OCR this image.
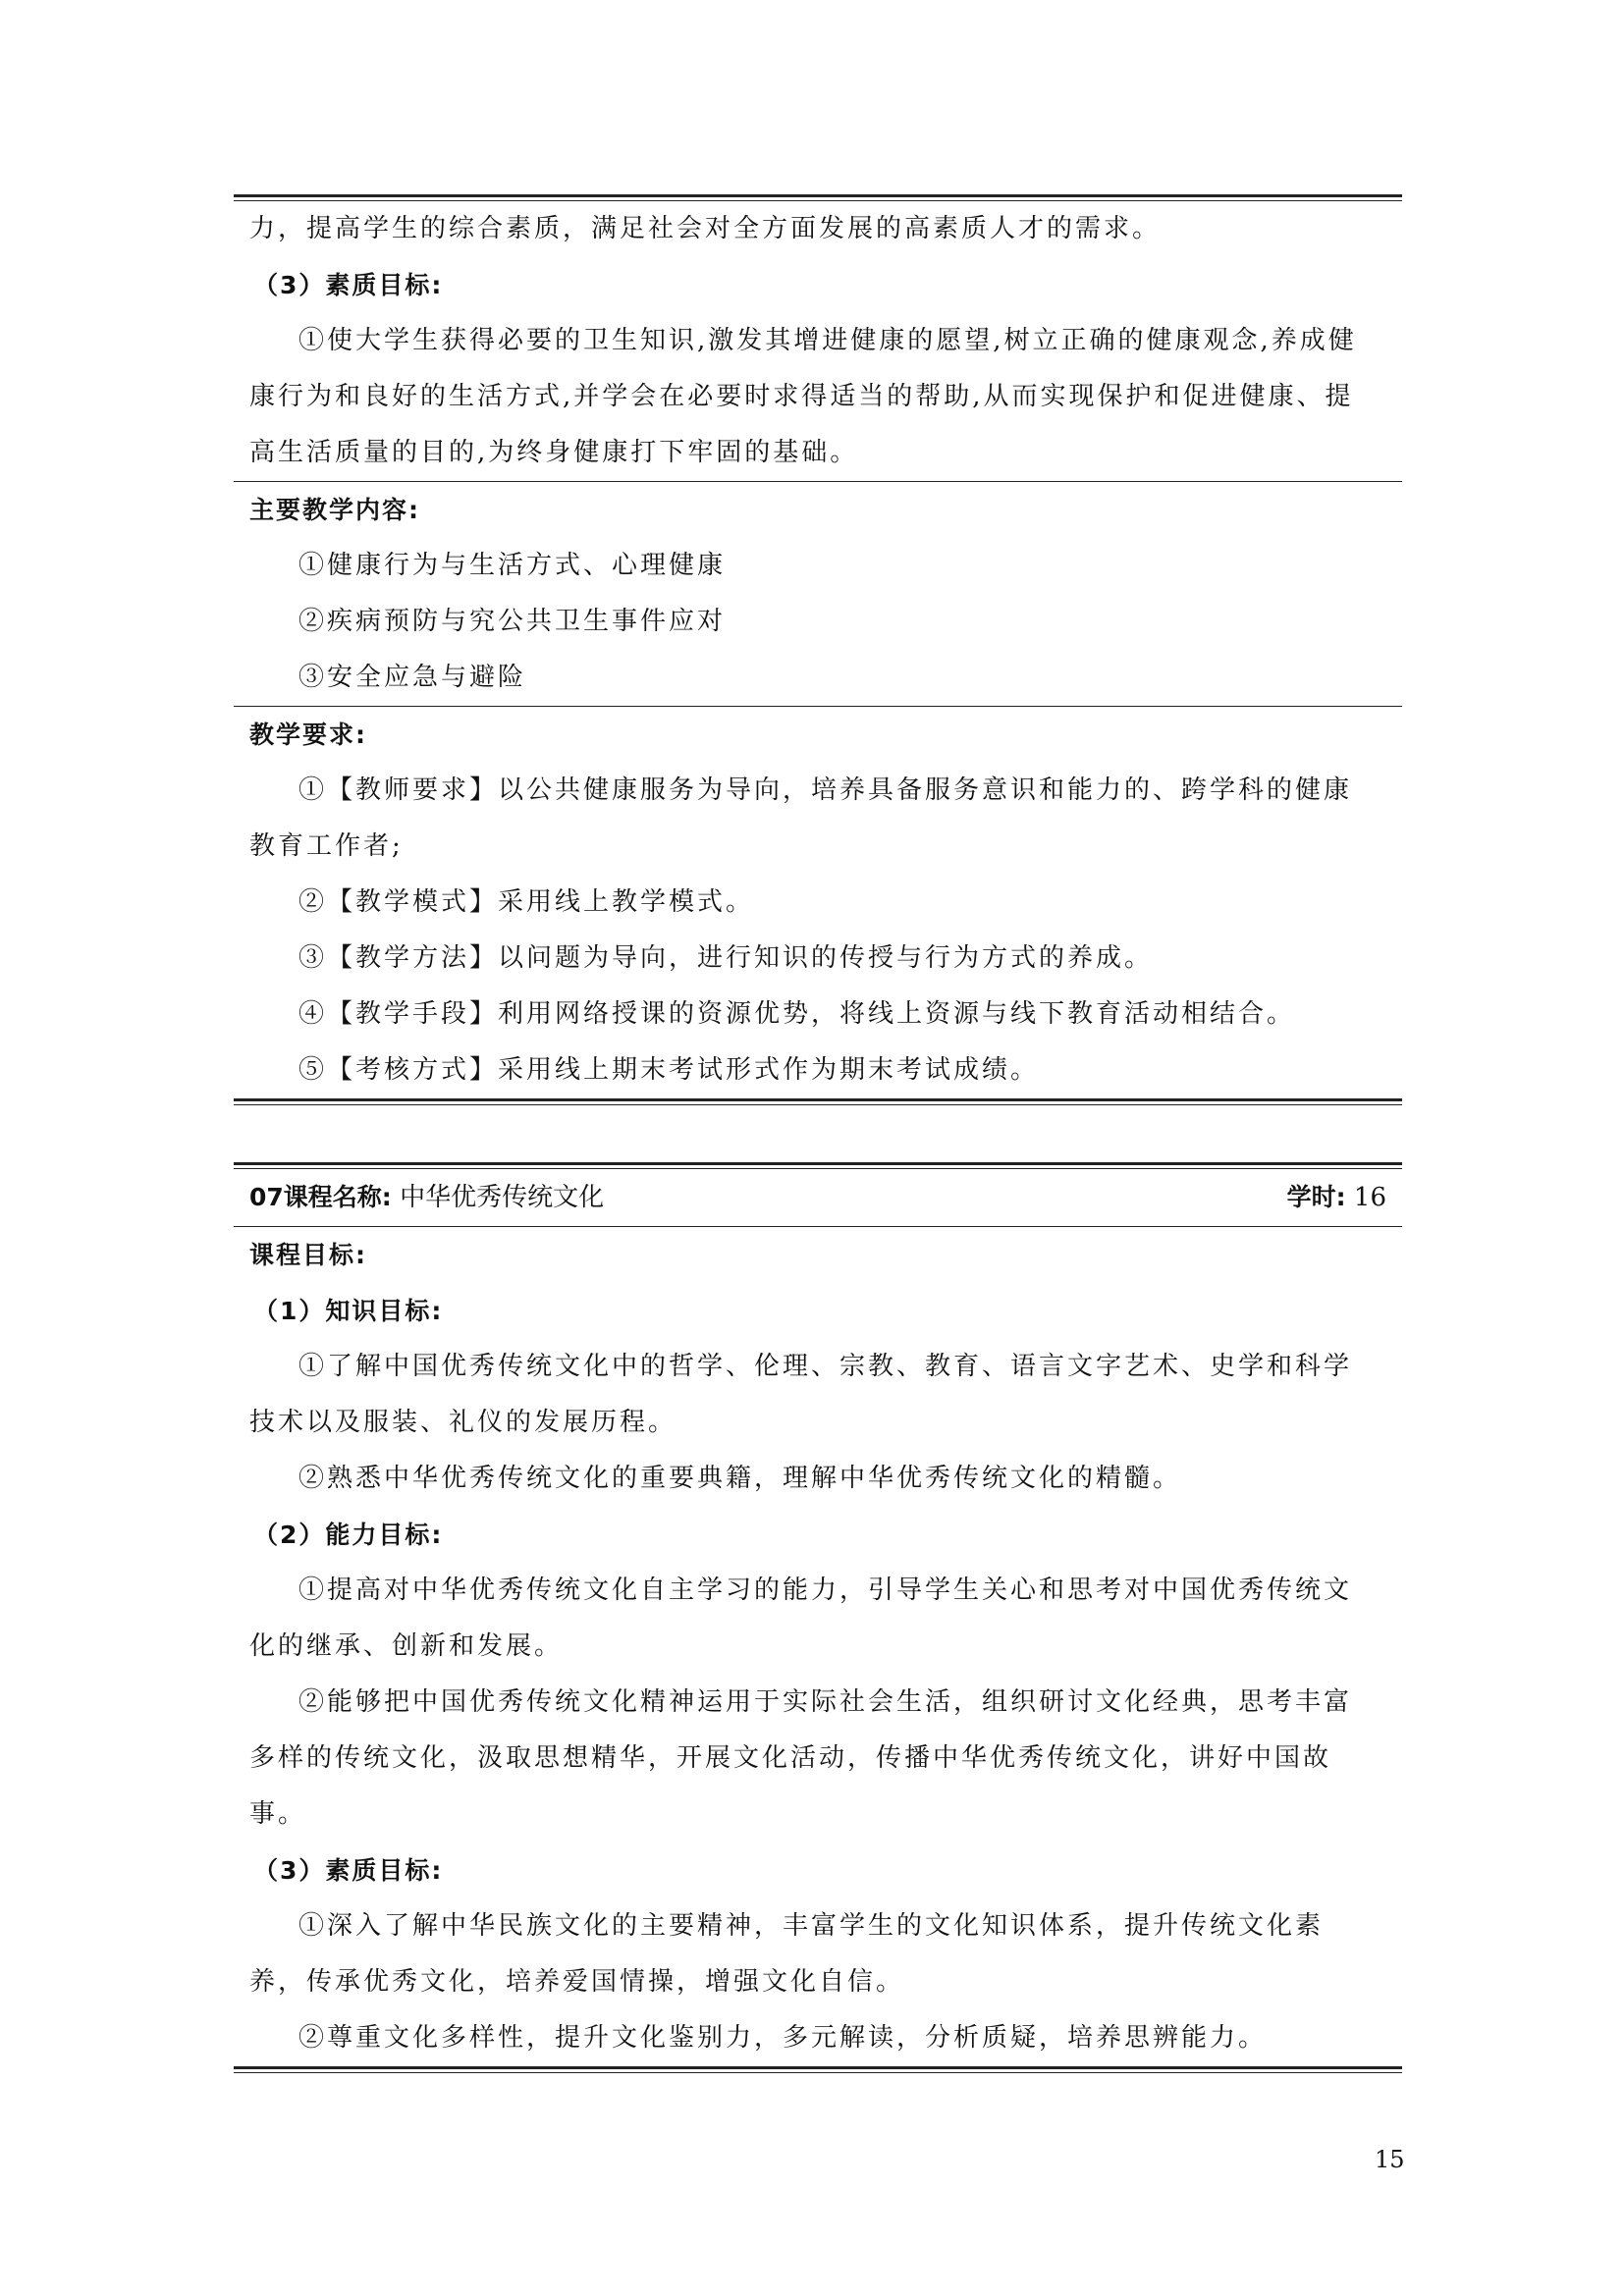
力，提高学生的综合素质，满足社会对全方面发展的高素质人才的需求。
（3）素质目标:
①使大学生获得必要的卫生知识,激发其增进健康的愿望,树立正确的健康观念,养成健
康行为和良好的生活方式,并学会在必要时求得适当的帮助,从而实现保护和促进健康、提
高生活质量的目的,为终身健康打下牢固的基础。
主要教学内容:
①健康行为与生活方式、心理健康
②疾病预防与究公共卫生事件应对
③安全应急与避险
教学要求:
①【教师要求】以公共健康服务为导向，培养具备服务意识和能力的、跨学科的健康
教育工作者;
②【教学模式】采用线上教学模式。
③【教学方法】以问题为导向，进行知识的传授与行为方式的养成。
④【教学手段】利用网络授课的资源优势，将线上资源与线下教育活动相结合。
⑤【考核方式】采用线上期末考试形式作为期末考试成绩。
07课程名称: 中华优秀传统文化	学时: 16
课程目标:
（1）知识目标:
①了解中国优秀传统文化中的哲学、伦理、宗教、教育、语言文字艺术、史学和科学
技术以及服装、礼仪的发展历程。
②熟悉中华优秀传统文化的重要典籍，理解中华优秀传统文化的精髓。
（2）能力目标:
①提高对中华优秀传统文化自主学习的能力，引导学生关心和思考对中国优秀传统文
化的继承、创新和发展。
②能够把中国优秀传统文化精神运用于实际社会生活，组织研讨文化经典，思考丰富
多样的传统文化，汲取思想精华，开展文化活动，传播中华优秀传统文化，讲好中国故
事。
（3）素质目标:
①深入了解中华民族文化的主要精神，丰富学生的文化知识体系，提升传统文化素
养，传承优秀文化，培养爱国情操，增强文化自信。
②尊重文化多样性，提升文化鉴别力，多元解读，分析质疑，培养思辨能力。
15
